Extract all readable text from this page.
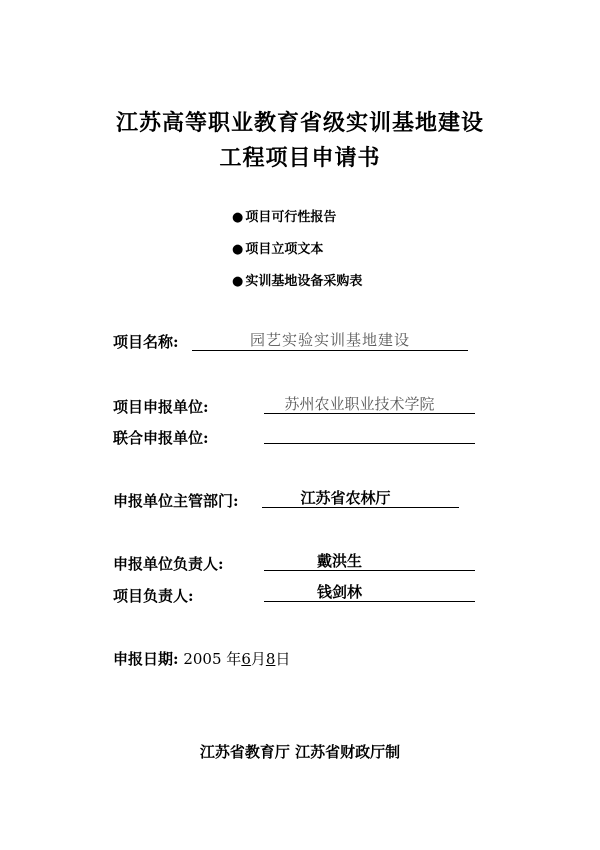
江苏高等职业教育省级实训基地建设
工程项目申请书
● 项目可行性报告
● 项目立项文本
● 实训基地设备采购表
项目名称:	园艺实验实训基地建设
项目申报单位:	苏州农业职业技术学院
联合申报单位:
申报单位主管部门:	江苏省农林厅
申报单位负责人:	戴洪生
项目负责人:	钱剑林
申报日期: 2005 年6月8日
江苏省教育厅 江苏省财政厅制
